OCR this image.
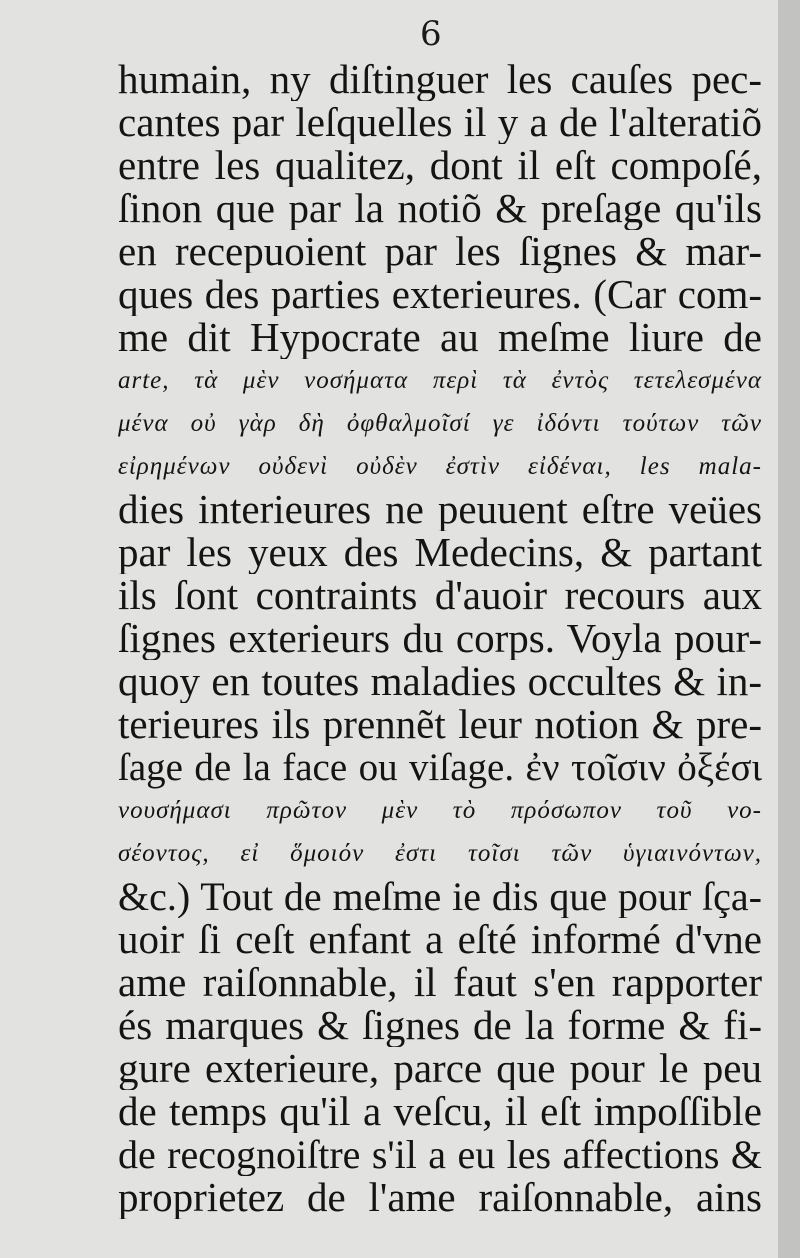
6
humain, ny diſtinguer les cauſes pec-
cantes par leſquelles il y a de l'alteratiõ
entre les qualitez, dont il eſt compoſé,
ſinon que par la notiõ & preſage qu'ils
en recepuoient par les ſignes & mar-
ques des parties exterieures. (Car com-
me dit Hypocrate au meſme liure de
arte, τὰ μὲν νοσήματα περὶ τὰ ἐντὸς τετελεσμένα
μένα οὐ γὰρ δὴ ὀφθαλμοῖσί γε ἰδόντι τούτων τῶν
εἰρημένων οὐδενὶ οὐδὲν ἐστὶν εἰδέναι, les mala-
dies interieures ne peuuent eſtre veües
par les yeux des Medecins, & partant
ils ſont contraints d'auoir recours aux
ſignes exterieurs du corps. Voyla pour-
quoy en toutes maladies occultes & in-
terieures ils prennẽt leur notion & pre-
ſage de la face ou viſage. ἐν τοῖσιν ὀξέσι
νουσήμασι πρῶτον μὲν τὸ πρόσωπον τοῦ νο-
σέοντος, εἰ ὅμοιόν ἐστι τοῖσι τῶν ὑγιαινόντων,
&c.) Tout de meſme ie dis que pour ſça-
uoir ſi ceſt enfant a eſté informé d'vne
ame raiſonnable, il faut s'en rapporter
és marques & ſignes de la forme & fi-
gure exterieure, parce que pour le peu
de temps qu'il a veſcu, il eſt impoſſible
de recognoiſtre s'il a eu les affections &
proprietez de l'ame raiſonnable, ains
